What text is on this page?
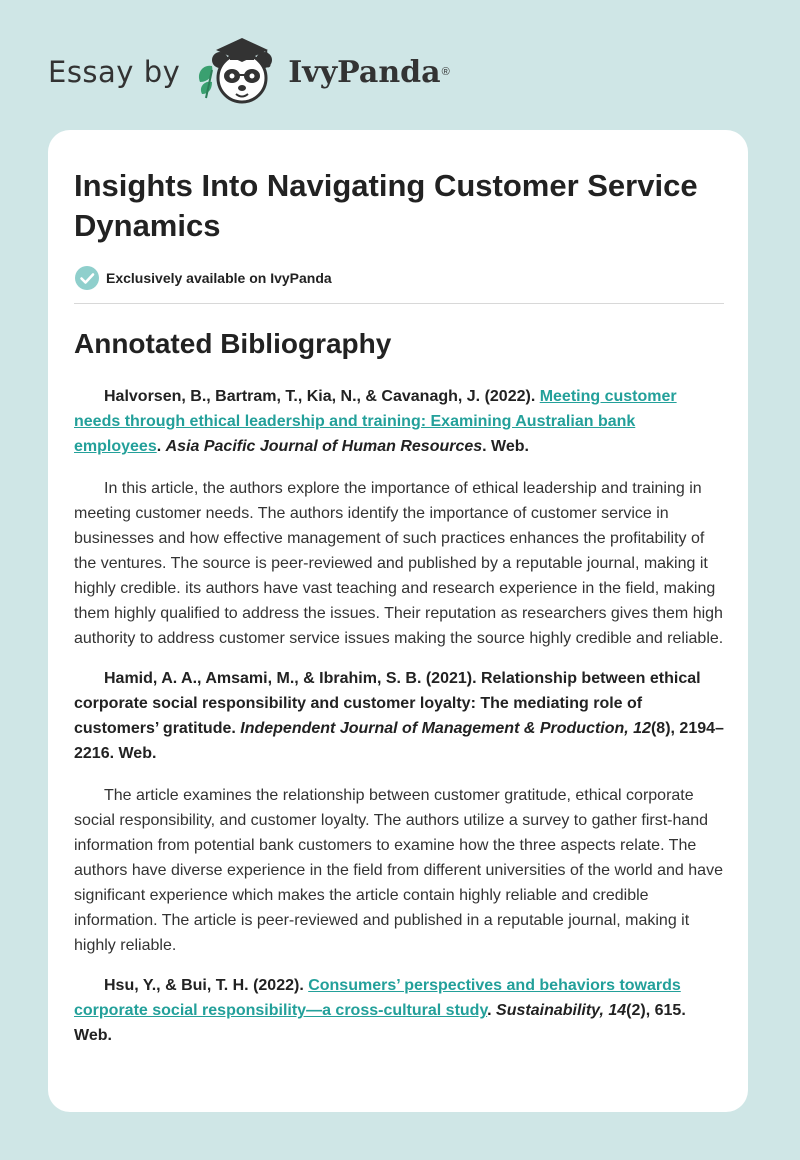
Essay by	IvyPanda ®
Insights Into Navigating Customer Service Dynamics
Exclusively available on IvyPanda
Annotated Bibliography

Halvorsen, B., Bartram, T., Kia, N., & Cavanagh, J. (2022). Meeting customer needs through ethical leadership and training: Examining Australian bank employees. Asia Pacific Journal of Human Resources. Web.

In this article, the authors explore the importance of ethical leadership and training in meeting customer needs. The authors identify the importance of customer service in businesses and how effective management of such practices enhances the profitability of the ventures. The source is peer-reviewed and published by a reputable journal, making it highly credible. its authors have vast teaching and research experience in the field, making them highly qualified to address the issues. Their reputation as researchers gives them high authority to address customer service issues making the source highly credible and reliable.

Hamid, A. A., Amsami, M., & Ibrahim, S. B. (2021). Relationship between ethical corporate social responsibility and customer loyalty: The mediating role of customers’ gratitude. Independent Journal of Management & Production, 12(8), 2194–2216. Web.

The article examines the relationship between customer gratitude, ethical corporate social responsibility, and customer loyalty. The authors utilize a survey to gather first-hand information from potential bank customers to examine how the three aspects relate. The authors have diverse experience in the field from different universities of the world and have significant experience which makes the article contain highly reliable and credible information. The article is peer-reviewed and published in a reputable journal, making it highly reliable.

Hsu, Y., & Bui, T. H. (2022). Consumers’ perspectives and behaviors towards corporate social responsibility—a cross-cultural study. Sustainability, 14(2), 615. Web.
